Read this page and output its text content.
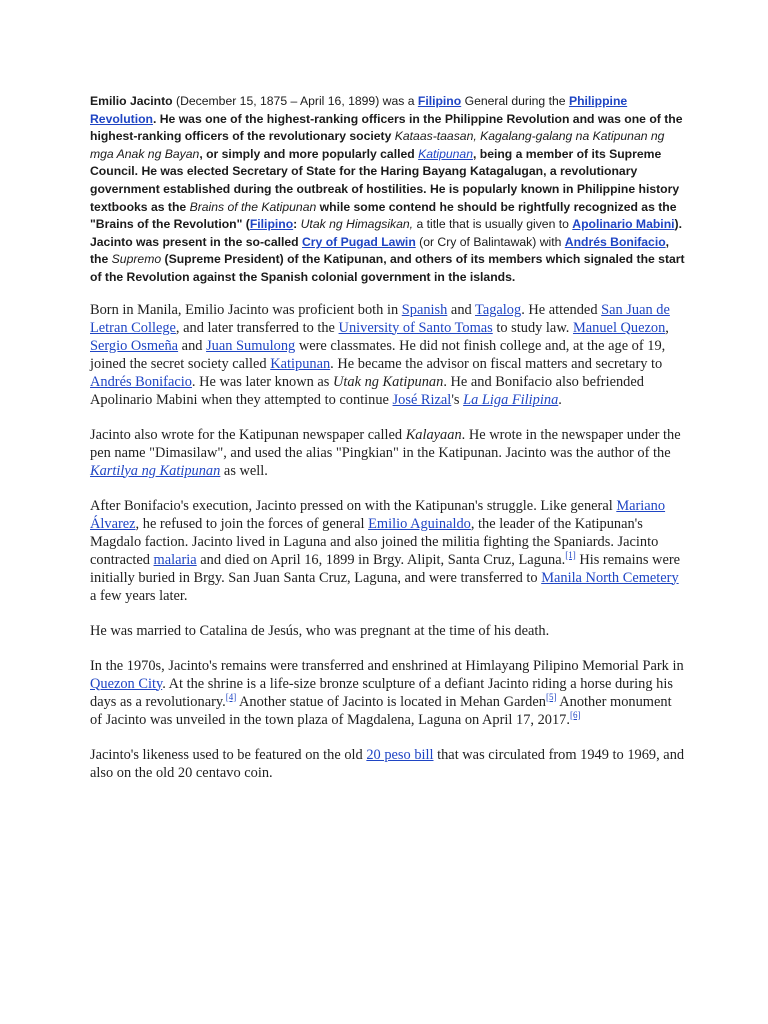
Emilio Jacinto (December 15, 1875 – April 16, 1899) was a Filipino General during the Philippine Revolution. He was one of the highest-ranking officers in the Philippine Revolution and was one of the highest-ranking officers of the revolutionary society Kataas-taasan, Kagalang-galang na Katipunan ng mga Anak ng Bayan, or simply and more popularly called Katipunan, being a member of its Supreme Council. He was elected Secretary of State for the Haring Bayang Katagalugan, a revolutionary government established during the outbreak of hostilities. He is popularly known in Philippine history textbooks as the Brains of the Katipunan while some contend he should be rightfully recognized as the "Brains of the Revolution" (Filipino: Utak ng Himagsikan, a title that is usually given to Apolinario Mabini). Jacinto was present in the so-called Cry of Pugad Lawin (or Cry of Balintawak) with Andrés Bonifacio, the Supremo (Supreme President) of the Katipunan, and others of its members which signaled the start of the Revolution against the Spanish colonial government in the islands.

Born in Manila, Emilio Jacinto was proficient both in Spanish and Tagalog. He attended San Juan de Letran College, and later transferred to the University of Santo Tomas to study law. Manuel Quezon, Sergio Osmeña and Juan Sumulong were classmates. He did not finish college and, at the age of 19, joined the secret society called Katipunan. He became the advisor on fiscal matters and secretary to Andrés Bonifacio. He was later known as Utak ng Katipunan. He and Bonifacio also befriended Apolinario Mabini when they attempted to continue José Rizal's La Liga Filipina.

Jacinto also wrote for the Katipunan newspaper called Kalayaan. He wrote in the newspaper under the pen name "Dimasilaw", and used the alias "Pingkian" in the Katipunan. Jacinto was the author of the Kartilya ng Katipunan as well.

After Bonifacio's execution, Jacinto pressed on with the Katipunan's struggle. Like general Mariano Álvarez, he refused to join the forces of general Emilio Aguinaldo, the leader of the Katipunan's Magdalo faction. Jacinto lived in Laguna and also joined the militia fighting the Spaniards. Jacinto contracted malaria and died on April 16, 1899 in Brgy. Alipit, Santa Cruz, Laguna.[1] His remains were initially buried in Brgy. San Juan Santa Cruz, Laguna, and were transferred to Manila North Cemetery a few years later.

He was married to Catalina de Jesús, who was pregnant at the time of his death.

In the 1970s, Jacinto's remains were transferred and enshrined at Himlayang Pilipino Memorial Park in Quezon City. At the shrine is a life-size bronze sculpture of a defiant Jacinto riding a horse during his days as a revolutionary.[4] Another statue of Jacinto is located in Mehan Garden[5] Another monument of Jacinto was unveiled in the town plaza of Magdalena, Laguna on April 17, 2017.[6]

Jacinto's likeness used to be featured on the old 20 peso bill that was circulated from 1949 to 1969, and also on the old 20 centavo coin.
